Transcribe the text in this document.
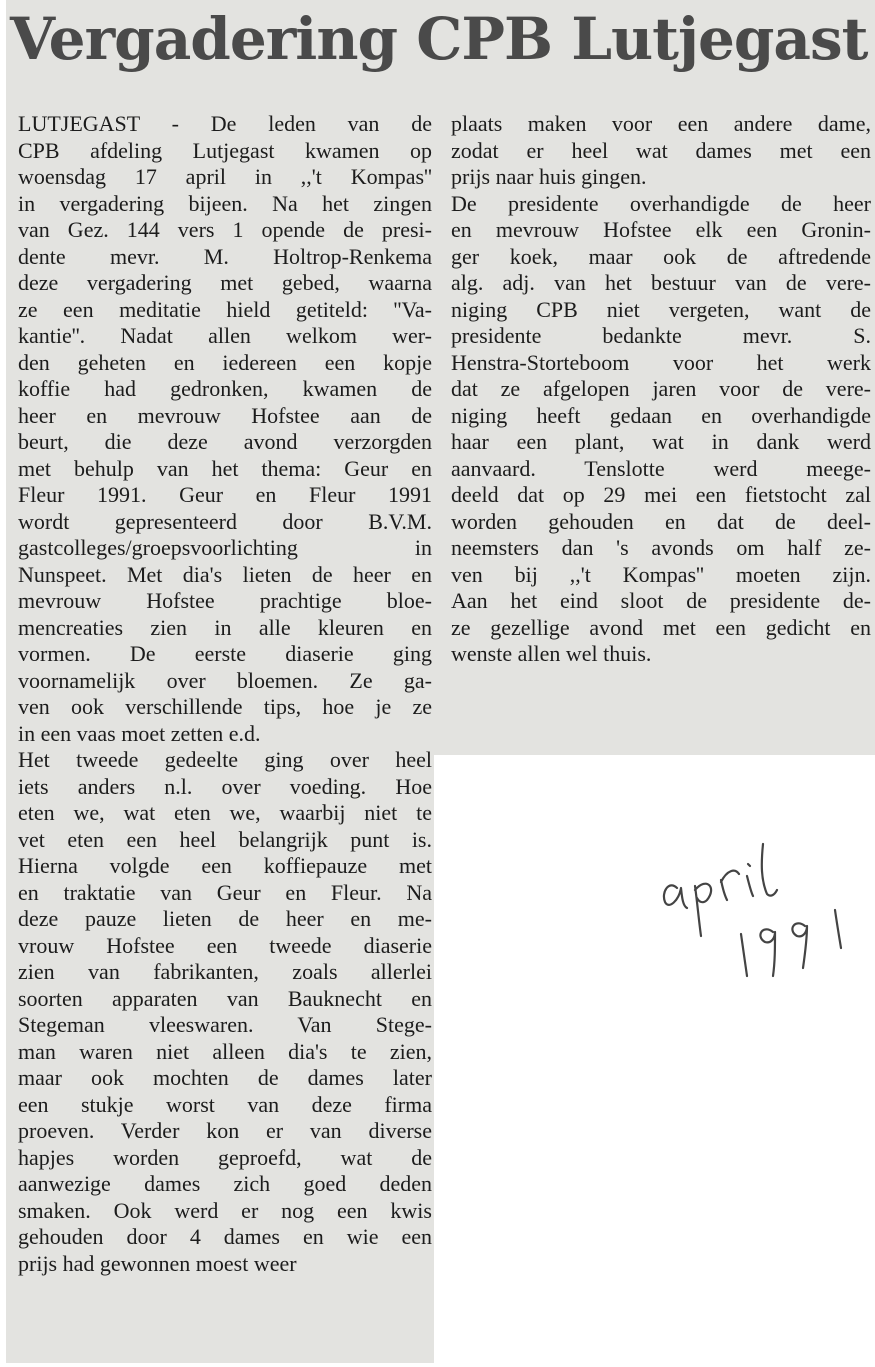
Vergadering CPB Lutjegast
LUTJEGAST - De leden van de
CPB afdeling Lutjegast kwamen op
woensdag 17 april in ,,'t Kompas''
in vergadering bijeen. Na het zingen
van Gez. 144 vers 1 opende de presi-
dente mevr. M. Holtrop-Renkema
deze vergadering met gebed, waarna
ze een meditatie hield getiteld: ''Va-
kantie''. Nadat allen welkom wer-
den geheten en iedereen een kopje
koffie had gedronken, kwamen de
heer en mevrouw Hofstee aan de
beurt, die deze avond verzorgden
met behulp van het thema: Geur en
Fleur 1991. Geur en Fleur 1991
wordt gepresenteerd door B.V.M.
gastcolleges/groepsvoorlichting in
Nunspeet. Met dia's lieten de heer en
mevrouw Hofstee prachtige bloe-
mencreaties zien in alle kleuren en
vormen. De eerste diaserie ging
voornamelijk over bloemen. Ze ga-
ven ook verschillende tips, hoe je ze
in een vaas moet zetten e.d.
Het tweede gedeelte ging over heel
iets anders n.l. over voeding. Hoe
eten we, wat eten we, waarbij niet te
vet eten een heel belangrijk punt is.
Hierna volgde een koffiepauze met
en traktatie van Geur en Fleur. Na
deze pauze lieten de heer en me-
vrouw Hofstee een tweede diaserie
zien van fabrikanten, zoals allerlei
soorten apparaten van Bauknecht en
Stegeman vleeswaren. Van Stege-
man waren niet alleen dia's te zien,
maar ook mochten de dames later
een stukje worst van deze firma
proeven. Verder kon er van diverse
hapjes worden geproefd, wat de
aanwezige dames zich goed deden
smaken. Ook werd er nog een kwis
gehouden door 4 dames en wie een
prijs had gewonnen moest weer
plaats maken voor een andere dame,
zodat er heel wat dames met een
prijs naar huis gingen.
De presidente overhandigde de heer
en mevrouw Hofstee elk een Gronin-
ger koek, maar ook de aftredende
alg. adj. van het bestuur van de vere-
niging CPB niet vergeten, want de
presidente bedankte mevr. S.
Henstra-Storteboom voor het werk
dat ze afgelopen jaren voor de vere-
niging heeft gedaan en overhandigde
haar een plant, wat in dank werd
aanvaard. Tenslotte werd meege-
deeld dat op 29 mei een fietstocht zal
worden gehouden en dat de deel-
neemsters dan 's avonds om half ze-
ven bij ,,'t Kompas'' moeten zijn.
Aan het eind sloot de presidente de-
ze gezellige avond met een gedicht en
wenste allen wel thuis.
